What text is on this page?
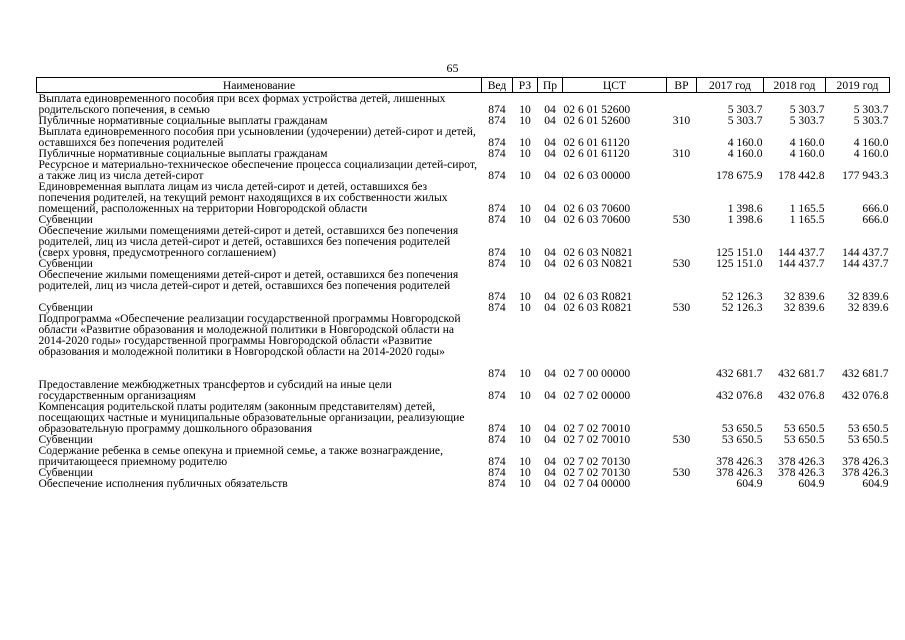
65
Наименование	Вед	РЗ	Пр	ЦСТ	ВР	2017 год	2018 год	2019 год
Выплата единовременного пособия при всех формах устройства детей, лишенных родительского попечения, в семью	874	10	04	02 6 01 52600		5 303.7	5 303.7	5 303.7
Публичные нормативные социальные выплаты гражданам	874	10	04	02 6 01 52600	310	5 303.7	5 303.7	5 303.7
Выплата единовременного пособия при усыновлении (удочерении) детей-сирот и детей, оставшихся без попечения родителей	874	10	04	02 6 01 61120		4 160.0	4 160.0	4 160.0
Публичные нормативные социальные выплаты гражданам	874	10	04	02 6 01 61120	310	4 160.0	4 160.0	4 160.0
Ресурсное и материально-техническое обеспечение процесса социализации детей-сирот, а также лиц из числа детей-сирот	874	10	04	02 6 03 00000		178 675.9	178 442.8	177 943.3
Единовременная выплата лицам из числа детей-сирот и детей, оставшихся без попечения родителей, на текущий ремонт находящихся в их собственности жилых помещений, расположенных на территории Новгородской области	874	10	04	02 6 03 70600		1 398.6	1 165.5	666.0
Субвенции	874	10	04	02 6 03 70600	530	1 398.6	1 165.5	666.0
Обеспечение жилыми помещениями детей-сирот и детей, оставшихся без попечения родителей, лиц из числа детей-сирот и детей, оставшихся без попечения родителей (сверх уровня, предусмотренного соглашением)	874	10	04	02 6 03 N0821		125 151.0	144 437.7	144 437.7
Субвенции	874	10	04	02 6 03 N0821	530	125 151.0	144 437.7	144 437.7
Обеспечение жилыми помещениями детей-сирот и детей, оставшихся без попечения родителей, лиц из числа детей-сирот и детей, оставшихся без попечения родителей	874	10	04	02 6 03 R0821		52 126.3	32 839.6	32 839.6
Субвенции	874	10	04	02 6 03 R0821	530	52 126.3	32 839.6	32 839.6
Подпрограмма «Обеспечение реализации государственной программы Новгородской области «Развитие образования и молодежной политики в Новгородской области на 2014-2020 годы» государственной программы Новгородской области «Развитие образования и молодежной политики в Новгородской области на 2014-2020 годы»	874	10	04	02 7 00 00000		432 681.7	432 681.7	432 681.7
Предоставление межбюджетных трансфертов и субсидий на иные цели государственным организациям	874	10	04	02 7 02 00000		432 076.8	432 076.8	432 076.8
Компенсация родительской платы родителям (законным представителям) детей, посещающих частные и муниципальные образовательные организации, реализующие образовательную программу дошкольного образования	874	10	04	02 7 02 70010		53 650.5	53 650.5	53 650.5
Субвенции	874	10	04	02 7 02 70010	530	53 650.5	53 650.5	53 650.5
Содержание ребенка в семье опекуна и приемной семье, а также вознаграждение, причитающееся приемному родителю	874	10	04	02 7 02 70130		378 426.3	378 426.3	378 426.3
Субвенции	874	10	04	02 7 02 70130	530	378 426.3	378 426.3	378 426.3
Обеспечение исполнения публичных обязательств	874	10	04	02 7 04 00000		604.9	604.9	604.9
